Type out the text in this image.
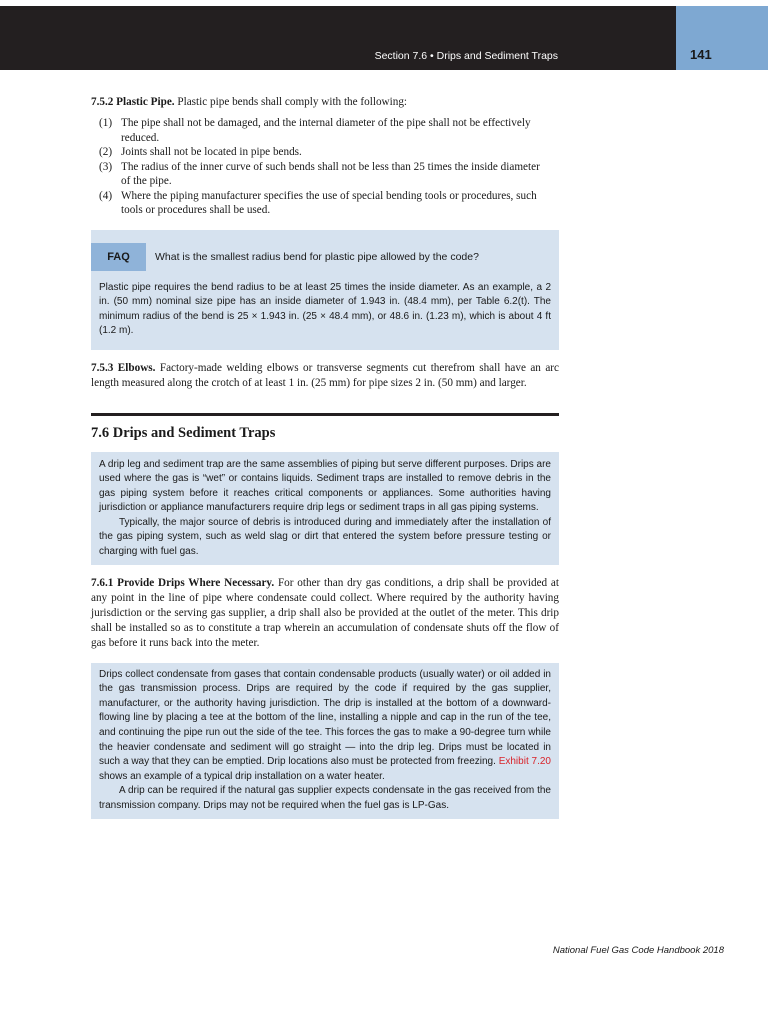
Section 7.6 • Drips and Sediment Traps	141

7.5.2 Plastic Pipe. Plastic pipe bends shall comply with the following:

(1) The pipe shall not be damaged, and the internal diameter of the pipe shall not be effectively reduced.
(2) Joints shall not be located in pipe bends.
(3) The radius of the inner curve of such bends shall not be less than 25 times the inside diameter of the pipe.
(4) Where the piping manufacturer specifies the use of special bending tools or procedures, such tools or procedures shall be used.
FAQ	What is the smallest radius bend for plastic pipe allowed by the code?

Plastic pipe requires the bend radius to be at least 25 times the inside diameter. As an example, a 2 in. (50 mm) nominal size pipe has an inside diameter of 1.943 in. (48.4 mm), per Table 6.2(t). The minimum radius of the bend is 25 × 1.943 in. (25 × 48.4 mm), or 48.6 in. (1.23 m), which is about 4 ft (1.2 m).

7.5.3 Elbows. Factory-made welding elbows or transverse segments cut therefrom shall have an arc length measured along the crotch of at least 1 in. (25 mm) for pipe sizes 2 in. (50 mm) and larger.

7.6 Drips and Sediment Traps

A drip leg and sediment trap are the same assemblies of piping but serve different purposes. Drips are used where the gas is “wet” or contains liquids. Sediment traps are installed to remove debris in the gas piping system before it reaches critical components or appliances. Some authorities having jurisdiction or appliance manufacturers require drip legs or sediment traps in all gas piping systems.

Typically, the major source of debris is introduced during and immediately after the installation of the gas piping system, such as weld slag or dirt that entered the system before pressure testing or charging with fuel gas.

7.6.1 Provide Drips Where Necessary. For other than dry gas conditions, a drip shall be provided at any point in the line of pipe where condensate could collect. Where required by the authority having jurisdiction or the serving gas supplier, a drip shall also be provided at the outlet of the meter. This drip shall be installed so as to constitute a trap wherein an accumulation of condensate shuts off the flow of gas before it runs back into the meter.

Drips collect condensate from gases that contain condensable products (usually water) or oil added in the gas transmission process. Drips are required by the code if required by the gas supplier, manufacturer, or the authority having jurisdiction. The drip is installed at the bottom of a downward-flowing line by placing a tee at the bottom of the line, installing a nipple and cap in the run of the tee, and continuing the pipe run out the side of the tee. This forces the gas to make a 90-degree turn while the heavier condensate and sediment will go straight — into the drip leg. Drips must be located in such a way that they can be emptied. Drip locations also must be protected from freezing. Exhibit 7.20 shows an example of a typical drip installation on a water heater.

A drip can be required if the natural gas supplier expects condensate in the gas received from the transmission company. Drips may not be required when the fuel gas is LP-Gas.

National Fuel Gas Code Handbook 2018
